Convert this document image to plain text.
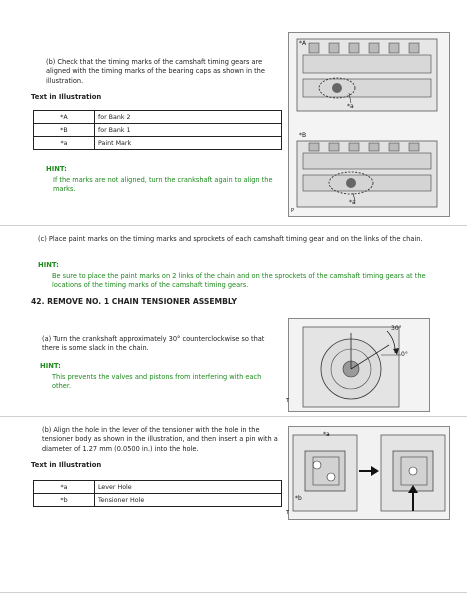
(b) Check that the timing marks of the camshaft timing gears are aligned with the timing marks of the bearing caps as shown in the illustration.
Text in Illustration
*A	for Bank 2
*B	for Bank 1
*a	Paint Mark
HINT:
If the marks are not aligned, turn the crankshaft again to align the marks.
*A
*a
*B
*a
P
(c) Place paint marks on the timing marks and sprockets of each camshaft timing gear and on the links of the chain.
HINT:
Be sure to place the paint marks on 2 links of the chain and on the sprockets of the camshaft timing gears at the locations of the timing marks of the camshaft timing gears.
42. REMOVE NO. 1 CHAIN TENSIONER ASSEMBLY
(a) Turn the crankshaft approximately 30° counterclockwise so that there is some slack in the chain.
HINT:
This prevents the valves and pistons from interfering with each other.
30°
0°
T
(b) Align the hole in the lever of the tensioner with the hole in the tensioner body as shown in the illustration, and then insert a pin with a diameter of 1.27 mm (0.0500 in.) into the hole.
Text in Illustration
*a	Lever Hole
*b	Tensioner Hole
*a
*b
T
